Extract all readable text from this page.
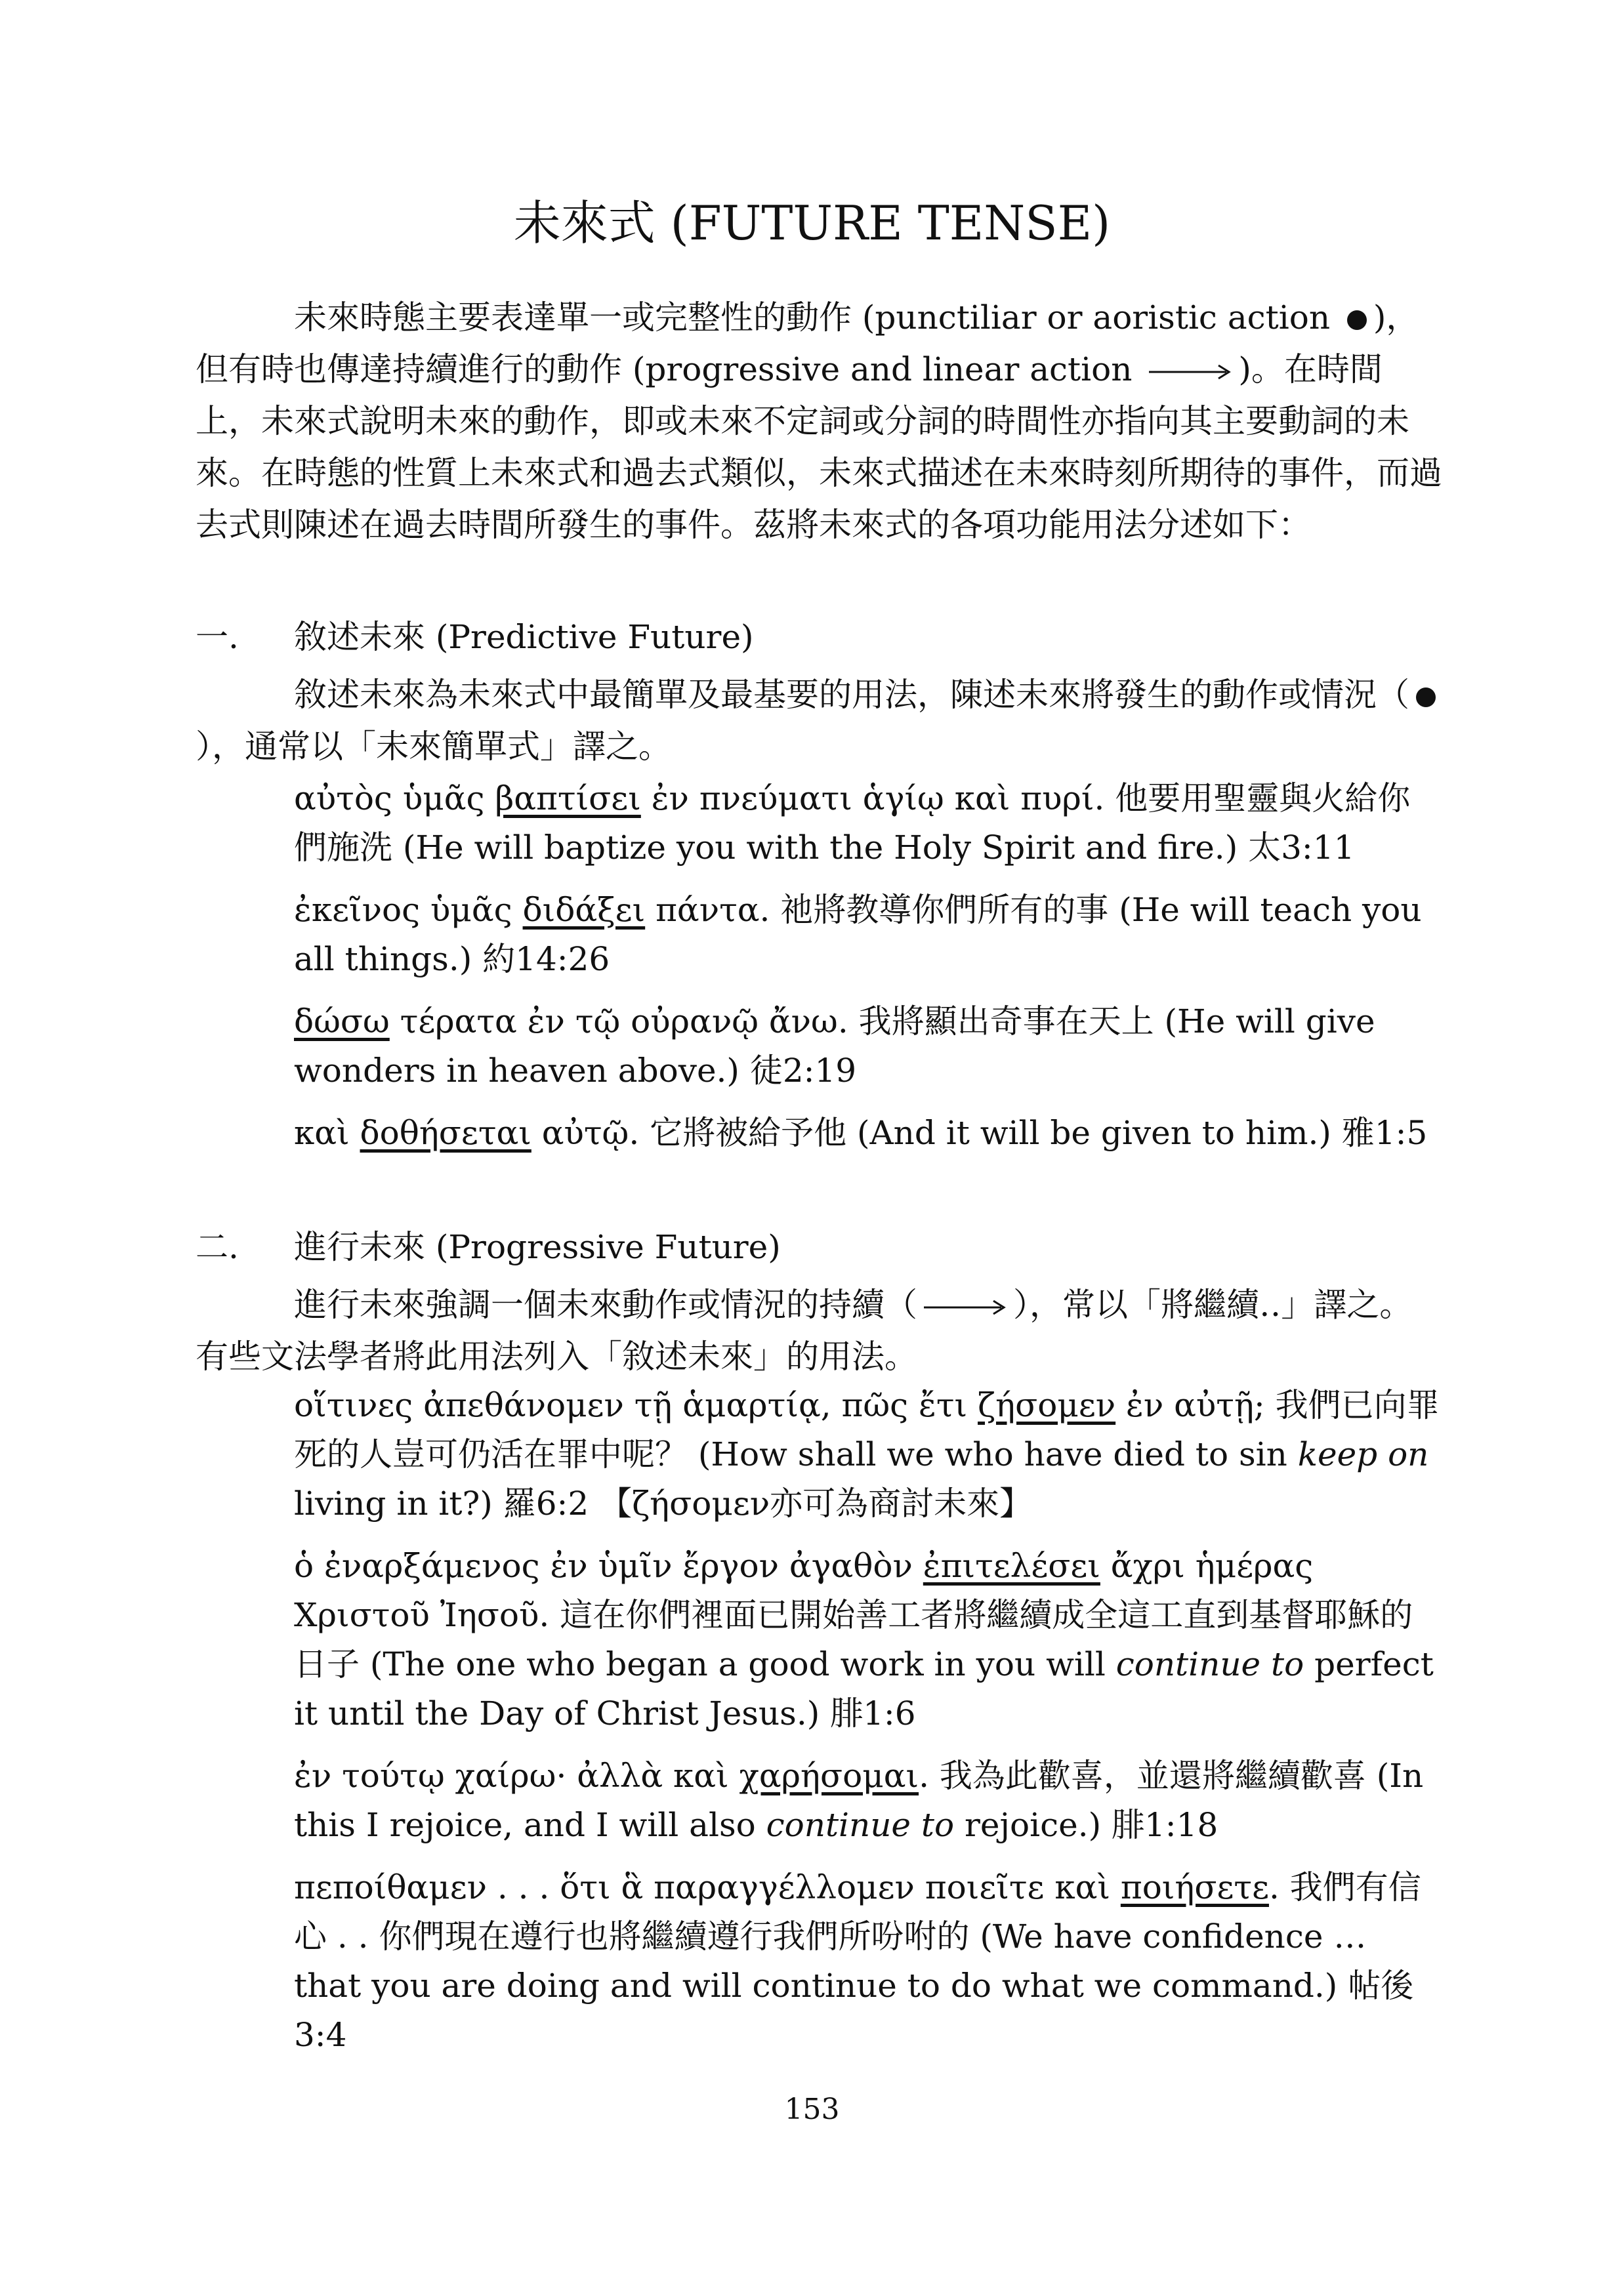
未來式 (FUTURE TENSE)
未來時態主要表達單一或完整性的動作 (punctiliar or aoristic action )，但有時也傳達持續進行的動作 (progressive and linear action	)。在時間上，未來式說明未來的動作，即或未來不定詞或分詞的時間性亦指向其主要動詞的未來。在時態的性質上未來式和過去式類似，未來式描述在未來時刻所期待的事件，而過去式則陳述在過去時間所發生的事件。茲將未來式的各項功能用法分述如下：
一. 敘述未來 (Predictive Future)
敘述未來為未來式中最簡單及最基要的用法，陳述未來將發生的動作或情況（），通常以「未來簡單式」譯之。
αὐτὸς ὑμᾶς βαπτίσει ἐν πνεύματι ἁγίῳ καὶ πυρί. 他要用聖靈與火給你們施洗 (He will baptize you with the Holy Spirit and fire.) 太3:11
ἐκεῖνος ὑμᾶς διδάξει πάντα. 祂將教導你們所有的事 (He will teach you all things.) 約14:26
δώσω τέρατα ἐν τῷ οὐρανῷ ἄνω. 我將顯出奇事在天上 (He will give wonders in heaven above.) 徒2:19
καὶ δοθήσεται αὐτῷ. 它將被給予他 (And it will be given to him.) 雅1:5
二. 進行未來 (Progressive Future)
進行未來強調一個未來動作或情況的持續（	），常以「將繼續‥」譯之。有些文法學者將此用法列入「敘述未來」的用法。
οἵτινες ἀπεθάνομεν τῇ ἁμαρτίᾳ, πῶς ἔτι ζήσομεν ἐν αὐτῇ; 我們已向罪死的人豈可仍活在罪中呢？ (How shall we who have died to sin keep on living in it?) 羅6:2 【ζήσομεν亦可為商討未來】
ὁ ἐναρξάμενος ἐν ὑμῖν ἔργον ἀγαθὸν ἐπιτελέσει ἄχρι ἡμέρας Χριστοῦ Ἰησοῦ. 這在你們裡面已開始善工者將繼續成全這工直到基督耶穌的日子 (The one who began a good work in you will continue to perfect it until the Day of Christ Jesus.) 腓1:6
ἐν τούτῳ χαίρω· ἀλλὰ καὶ χαρήσομαι. 我為此歡喜，並還將繼續歡喜 (In this I rejoice, and I will also continue to rejoice.) 腓1:18
πεποίθαμεν . . . ὅτι ἃ παραγγέλλομεν ποιεῖτε καὶ ποιήσετε. 我們有信心 . . 你們現在遵行也將繼續遵行我們所吩咐的 (We have confidence … that you are doing and will continue to do what we command.) 帖後3:4
153
